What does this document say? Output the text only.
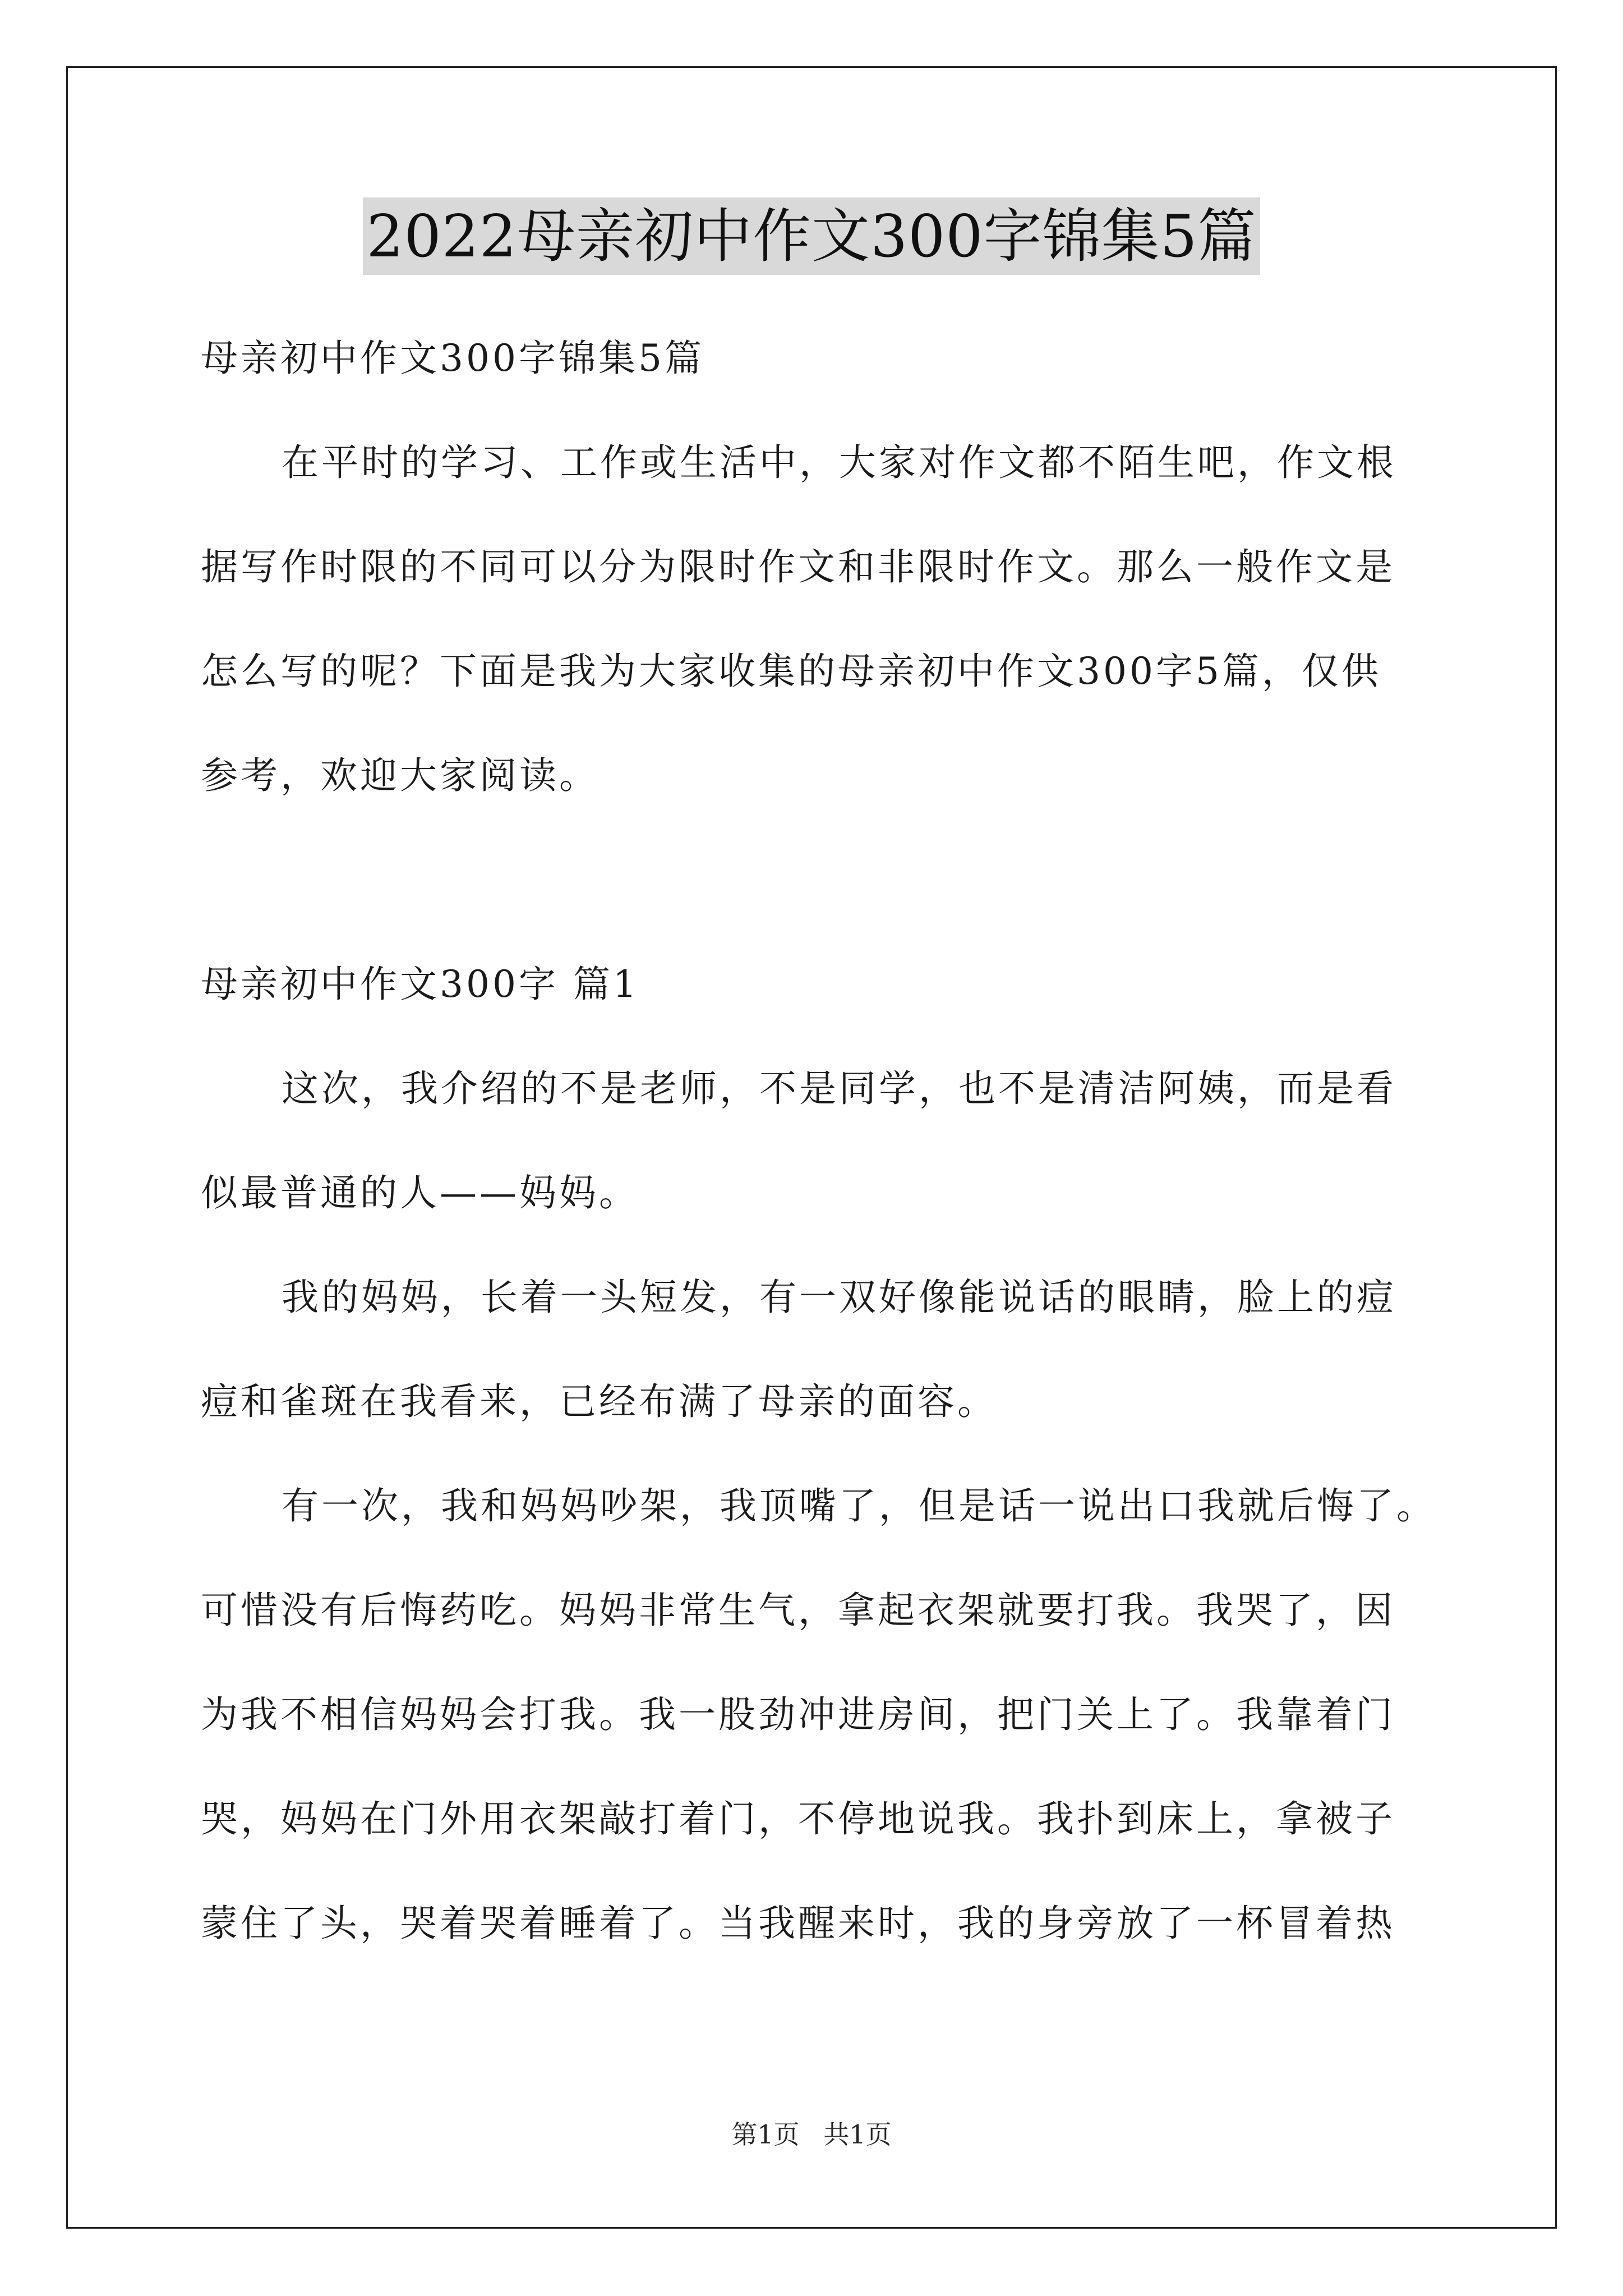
2022母亲初中作文300字锦集5篇
母亲初中作文300字锦集5篇
在平时的学习、工作或生活中，大家对作文都不陌生吧，作文根
据写作时限的不同可以分为限时作文和非限时作文。那么一般作文是
怎么写的呢？下面是我为大家收集的母亲初中作文300字5篇，仅供
参考，欢迎大家阅读。
母亲初中作文300字 篇1
这次，我介绍的不是老师，不是同学，也不是清洁阿姨，而是看
似最普通的人——妈妈。
我的妈妈，长着一头短发，有一双好像能说话的眼睛，脸上的痘
痘和雀斑在我看来，已经布满了母亲的面容。
有一次，我和妈妈吵架，我顶嘴了，但是话一说出口我就后悔了。
可惜没有后悔药吃。妈妈非常生气，拿起衣架就要打我。我哭了，因
为我不相信妈妈会打我。我一股劲冲进房间，把门关上了。我靠着门
哭，妈妈在门外用衣架敲打着门，不停地说我。我扑到床上，拿被子
蒙住了头，哭着哭着睡着了。当我醒来时，我的身旁放了一杯冒着热
第1页 共1页
